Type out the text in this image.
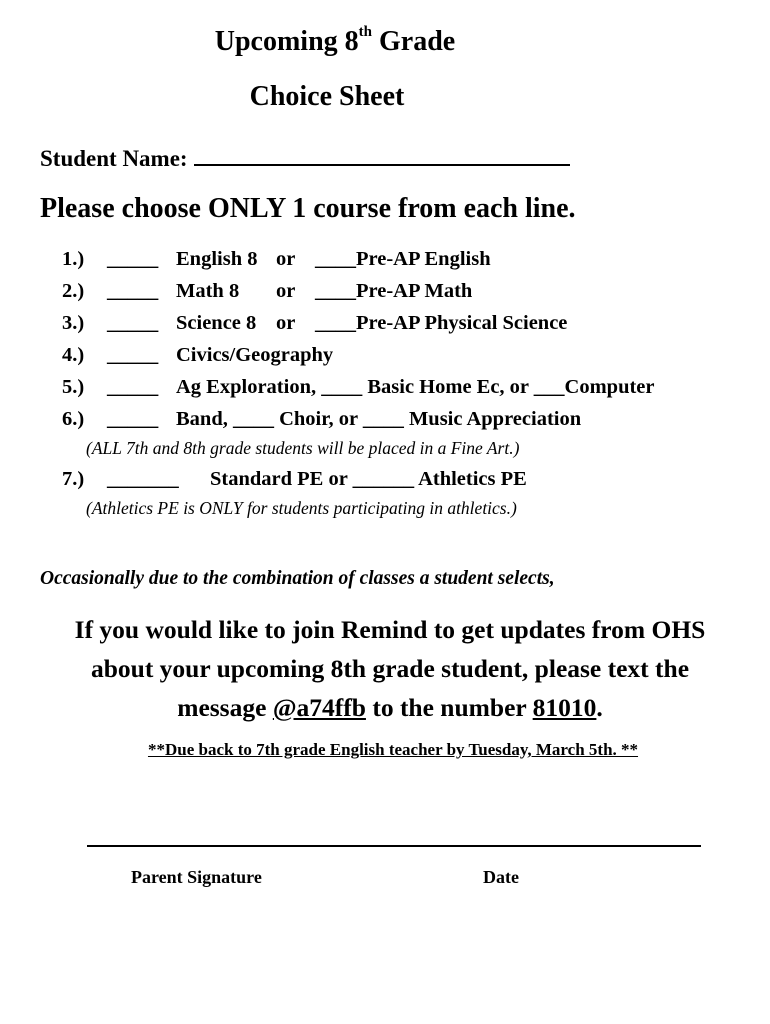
Upcoming 8th Grade
Choice Sheet
Student Name:
Please choose ONLY 1 course from each line.
1.) _____ English 8 or ____Pre-AP English
2.) _____ Math 8 or ____Pre-AP Math
3.) _____ Science 8 or ____Pre-AP Physical Science
4.) _____ Civics/Geography
5.) _____ Ag Exploration, ____ Basic Home Ec, or ___Computer
6.) _____ Band, ____ Choir, or ____ Music Appreciation
(ALL 7th and 8th grade students will be placed in a Fine Art.)
7.) _______ Standard PE or ______ Athletics PE
(Athletics PE is ONLY for students participating in athletics.)
Occasionally due to the combination of classes a student selects,
If you would like to join Remind to get updates from OHS
about your upcoming 8th grade student, please text the
message @a74ffb to the number 81010.
**Due back to 7th grade English teacher by Tuesday, March 5th. **
Parent Signature	Date
